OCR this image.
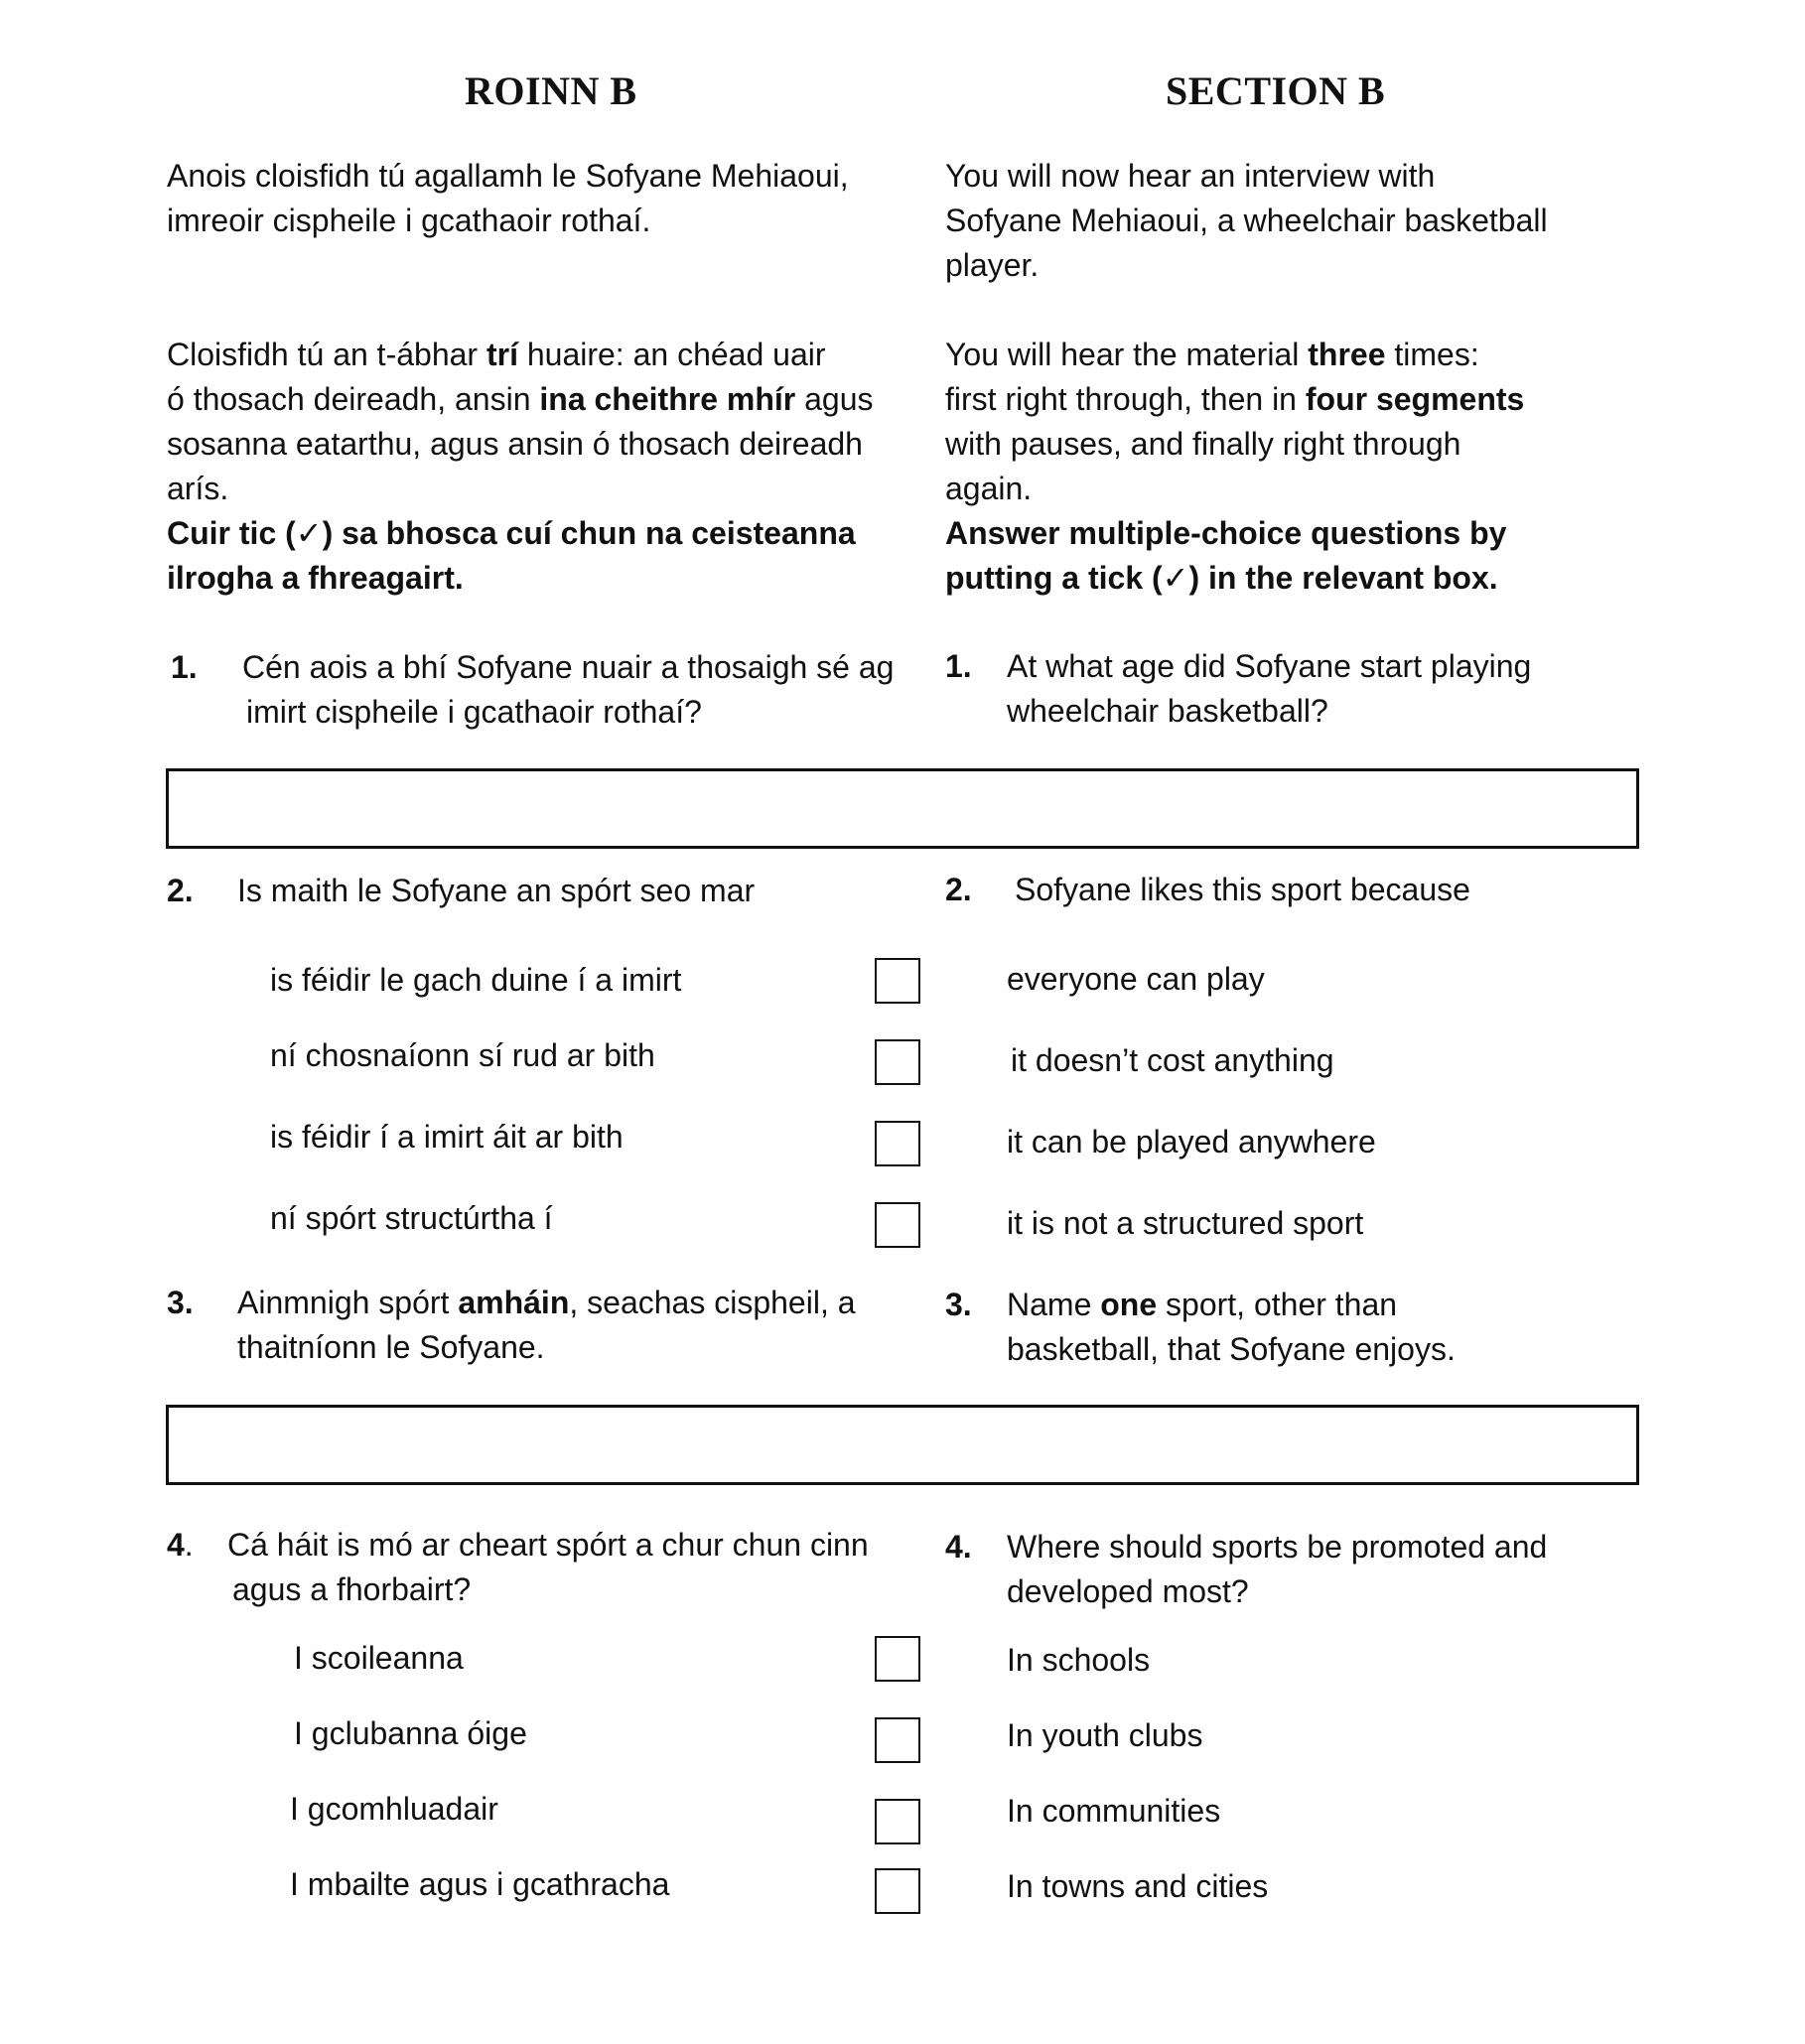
ROINN B	SECTION B
Anois cloisfidh tú agallamh le Sofyane Mehiaoui,
imreoir cispheile i gcathaoir rothaí.
You will now hear an interview with
Sofyane Mehiaoui, a wheelchair basketball
player.
Cloisfidh tú an t-ábhar trí huaire: an chéad uair
ó thosach deireadh, ansin ina cheithre mhír agus
sosanna eatarthu, agus ansin ó thosach deireadh
arís.
Cuir tic (✓) sa bhosca cuí chun na ceisteanna
ilrogha a fhreagairt.
You will hear the material three times:
first right through, then in four segments
with pauses, and finally right through
again.
Answer multiple-choice questions by
putting a tick (✓) in the relevant box.
1. Cén aois a bhí Sofyane nuair a thosaigh sé ag
imirt cispheile i gcathaoir rothaí?
1. At what age did Sofyane start playing
wheelchair basketball?
2. Is maith le Sofyane an spórt seo mar	2. Sofyane likes this sport because
is féidir le gach duine í a imirt	everyone can play
ní chosnaíonn sí rud ar bith	it doesn’t cost anything
is féidir í a imirt áit ar bith	it can be played anywhere
ní spórt structúrtha í	it is not a structured sport
3. Ainmnigh spórt amháin, seachas cispheil, a
thaitníonn le Sofyane.
3. Name one sport, other than
basketball, that Sofyane enjoys.
4. Cá háit is mó ar cheart spórt a chur chun cinn
agus a fhorbairt?
4. Where should sports be promoted and
developed most?
I scoileanna	In schools
I gclubanna óige	In youth clubs
I gcomhluadair	In communities
I mbailte agus i gcathracha	In towns and cities
